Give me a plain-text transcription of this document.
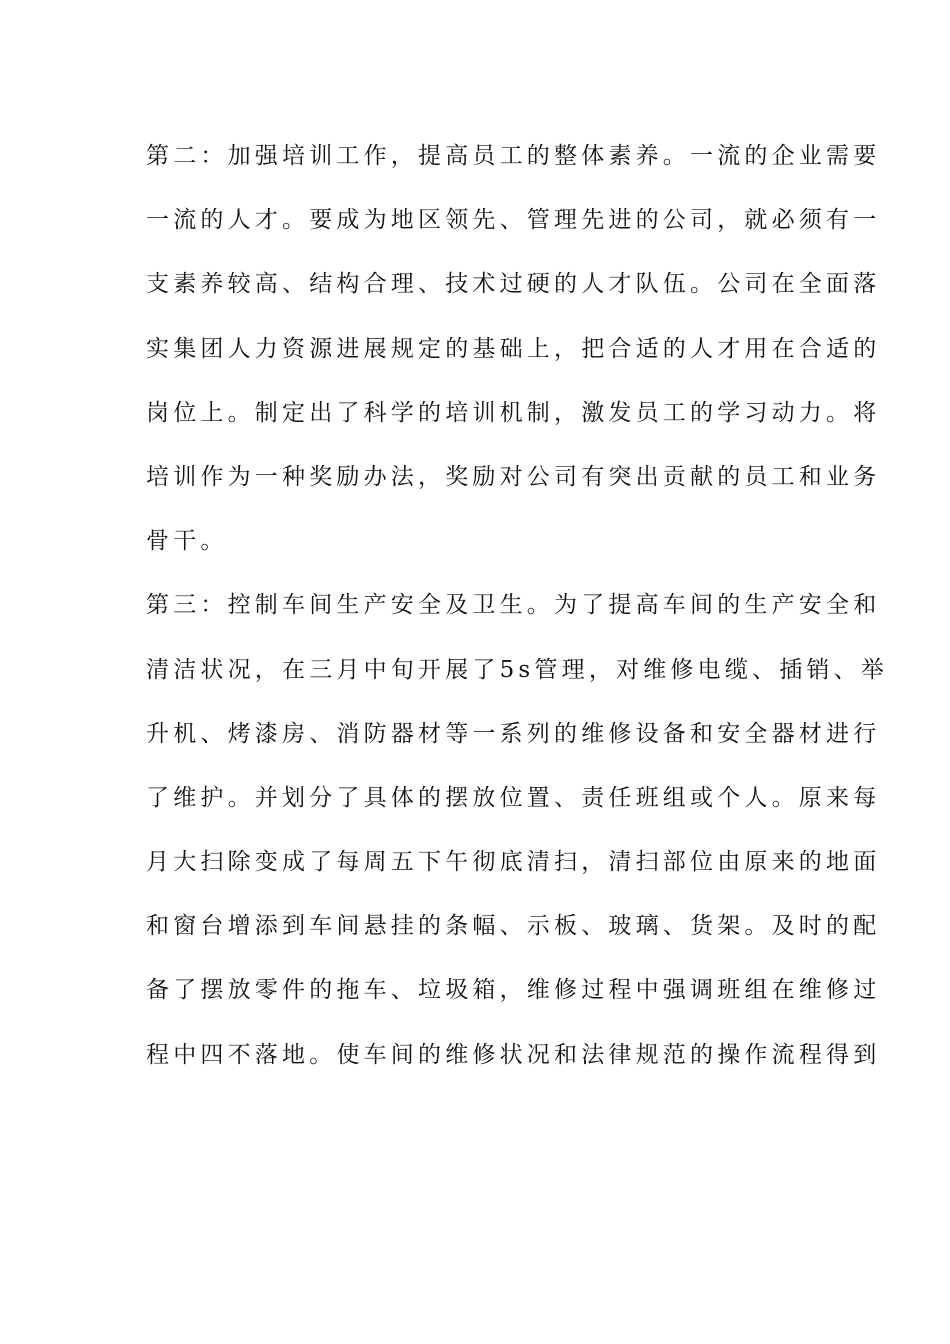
第二：加强培训工作，提高员工的整体素养。一流的企业需要
一流的人才。要成为地区领先、管理先进的公司，就必须有一
支素养较高、结构合理、技术过硬的人才队伍。公司在全面落
实集团人力资源进展规定的基础上，把合适的人才用在合适的
岗位上。制定出了科学的培训机制，激发员工的学习动力。将
培训作为一种奖励办法，奖励对公司有突出贡献的员工和业务
骨干。
第三：控制车间生产安全及卫生。为了提高车间的生产安全和
清洁状况，在三月中旬开展了5s管理，对维修电缆、插销、举
升机、烤漆房、消防器材等一系列的维修设备和安全器材进行
了维护。并划分了具体的摆放位置、责任班组或个人。原来每
月大扫除变成了每周五下午彻底清扫，清扫部位由原来的地面
和窗台增添到车间悬挂的条幅、示板、玻璃、货架。及时的配
备了摆放零件的拖车、垃圾箱，维修过程中强调班组在维修过
程中四不落地。使车间的维修状况和法律规范的操作流程得到
